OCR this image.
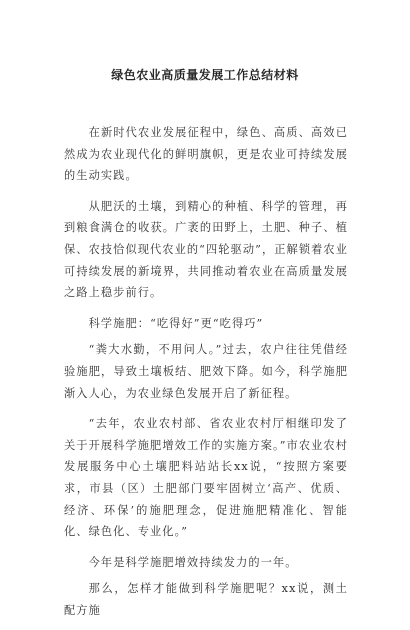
绿色农业高质量发展工作总结材料

在新时代农业发展征程中，绿色、高质、高效已然成为农业现代化的鲜明旗帜，更是农业可持续发展的生动实践。

从肥沃的土壤，到精心的种植、科学的管理，再到粮食满仓的收获。广袤的田野上，土肥、种子、植保、农技恰似现代农业的“四轮驱动”，正解锁着农业可持续发展的新境界，共同推动着农业在高质量发展之路上稳步前行。

科学施肥：“吃得好”更“吃得巧”

“粪大水勤，不用问人。”过去，农户往往凭借经验施肥，导致土壤板结、肥效下降。如今，科学施肥渐入人心，为农业绿色发展开启了新征程。

“去年，农业农村部、省农业农村厅相继印发了关于开展科学施肥增效工作的实施方案。”市农业农村发展服务中心土壤肥料站站长xx说，“按照方案要求，市县（区）土肥部门要牢固树立‘高产、优质、经济、环保’的施肥理念，促进施肥精准化、智能化、绿色化、专业化。”

今年是科学施肥增效持续发力的一年。

那么，怎样才能做到科学施肥呢？xx说，测土配方施
